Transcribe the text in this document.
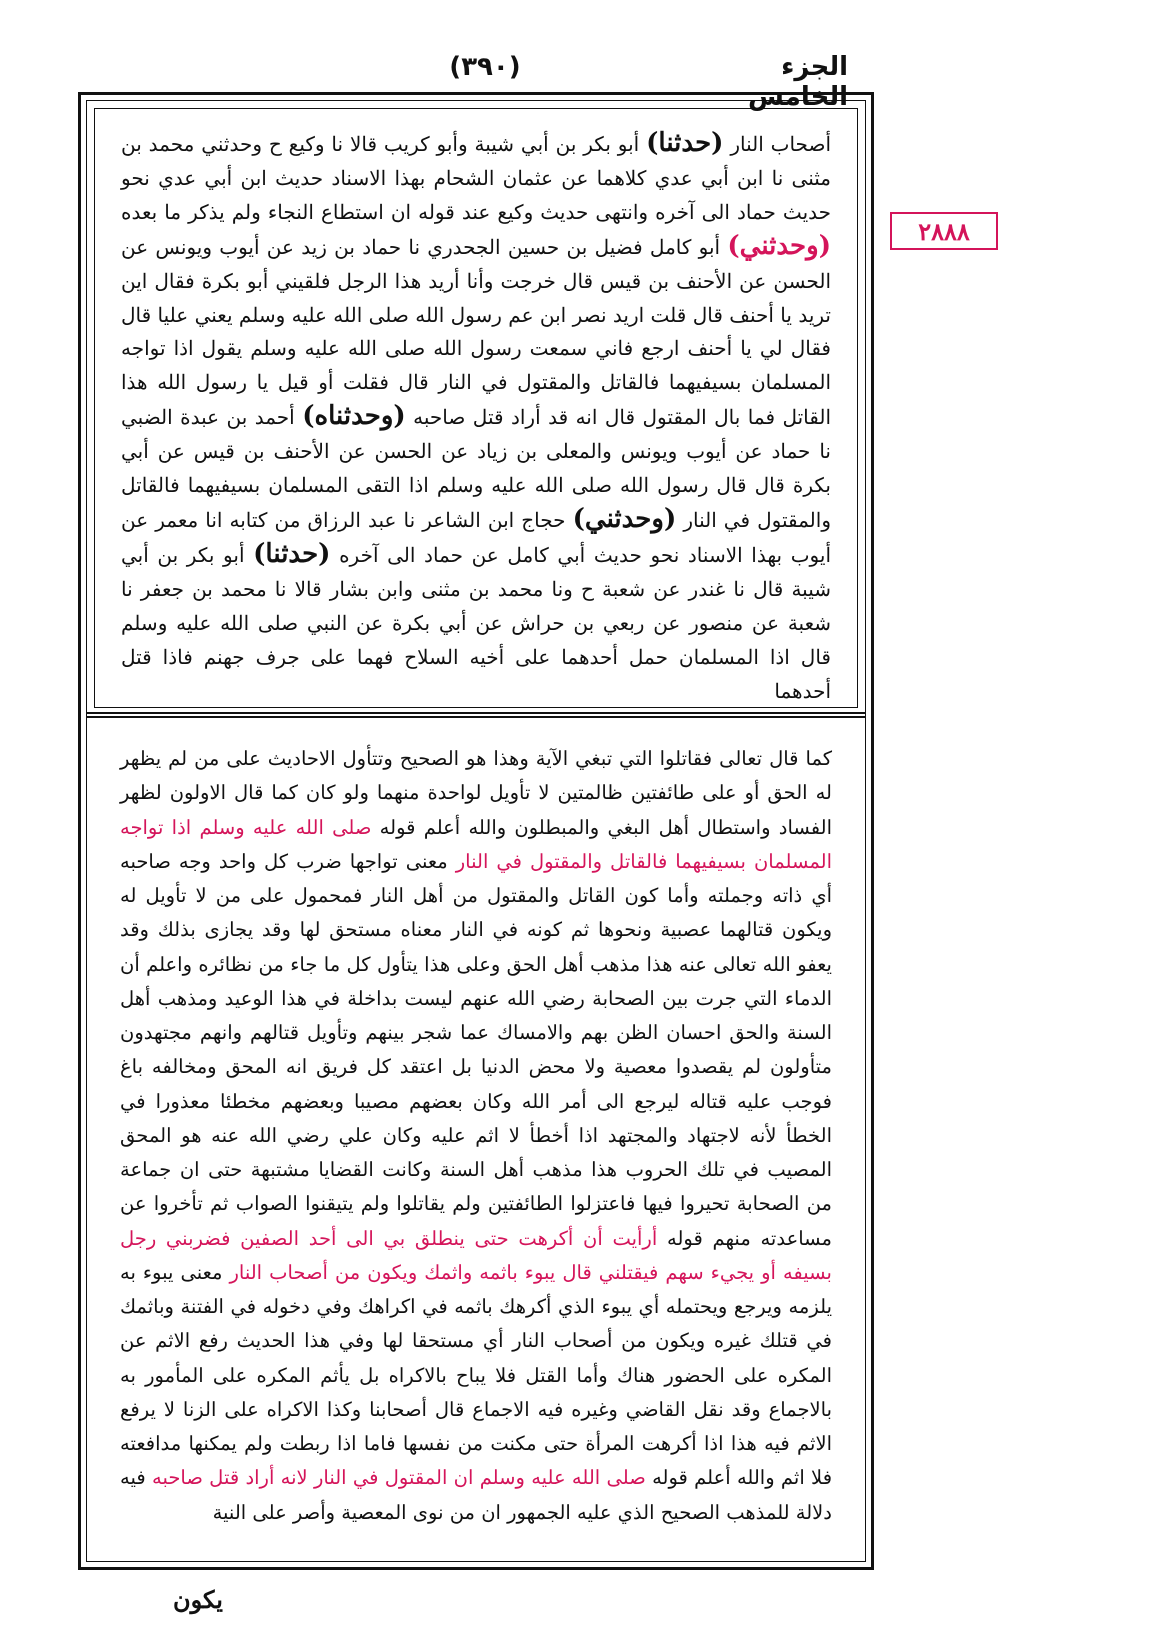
الجزء الخامس
(٣٩٠)

أصحاب النار (حدثنا) أبو بكر بن أبي شيبة وأبو كريب قالا نا وكيع ح وحدثني محمد بن مثنى نا ابن أبي عدي كلاهما عن عثمان الشحام بهذا الاسناد حديث ابن أبي عدي نحو حديث حماد الى آخره وانتهى حديث وكيع عند قوله ان استطاع النجاء ولم يذكر ما بعده (وحدثني) أبو كامل فضيل بن حسين الجحدري نا حماد بن زيد عن أيوب ويونس عن الحسن عن الأحنف بن قيس قال خرجت وأنا أريد هذا الرجل فلقيني أبو بكرة فقال اين تريد يا أحنف قال قلت اريد نصر ابن عم رسول الله صلى الله عليه وسلم يعني عليا قال فقال لي يا أحنف ارجع فاني سمعت رسول الله صلى الله عليه وسلم يقول اذا تواجه المسلمان بسيفيهما فالقاتل والمقتول في النار قال فقلت أو قيل يا رسول الله هذا القاتل فما بال المقتول قال انه قد أراد قتل صاحبه (وحدثناه) أحمد بن عبدة الضبي نا حماد عن أيوب ويونس والمعلى بن زياد عن الحسن عن الأحنف بن قيس عن أبي بكرة قال قال رسول الله صلى الله عليه وسلم اذا التقى المسلمان بسيفيهما فالقاتل والمقتول في النار (وحدثني) حجاج ابن الشاعر نا عبد الرزاق من كتابه انا معمر عن أيوب بهذا الاسناد نحو حديث أبي كامل عن حماد الى آخره (حدثنا) أبو بكر بن أبي شيبة قال نا غندر عن شعبة ح ونا محمد بن مثنى وابن بشار قالا نا محمد بن جعفر نا شعبة عن منصور عن ربعي بن حراش عن أبي بكرة عن النبي صلى الله عليه وسلم قال اذا المسلمان حمل أحدهما على أخيه السلاح فهما على جرف جهنم فاذا قتل أحدهما

٢٨٨٨

كما قال تعالى فقاتلوا التي تبغي الآية وهذا هو الصحيح وتتأول الاحاديث على من لم يظهر له الحق أو على طائفتين ظالمتين لا تأويل لواحدة منهما ولو كان كما قال الاولون لظهر الفساد واستطال أهل البغي والمبطلون والله أعلم قوله صلى الله عليه وسلم اذا تواجه المسلمان بسيفيهما فالقاتل والمقتول في النار معنى تواجها ضرب كل واحد وجه صاحبه أي ذاته وجملته وأما كون القاتل والمقتول من أهل النار فمحمول على من لا تأويل له ويكون قتالهما عصبية ونحوها ثم كونه في النار معناه مستحق لها وقد يجازى بذلك وقد يعفو الله تعالى عنه هذا مذهب أهل الحق وعلى هذا يتأول كل ما جاء من نظائره واعلم أن الدماء التي جرت بين الصحابة رضي الله عنهم ليست بداخلة في هذا الوعيد ومذهب أهل السنة والحق احسان الظن بهم والامساك عما شجر بينهم وتأويل قتالهم وانهم مجتهدون متأولون لم يقصدوا معصية ولا محض الدنيا بل اعتقد كل فريق انه المحق ومخالفه باغ فوجب عليه قتاله ليرجع الى أمر الله وكان بعضهم مصيبا وبعضهم مخطئا معذورا في الخطأ لأنه لاجتهاد والمجتهد اذا أخطأ لا اثم عليه وكان علي رضي الله عنه هو المحق المصيب في تلك الحروب هذا مذهب أهل السنة وكانت القضايا مشتبهة حتى ان جماعة من الصحابة تحيروا فيها فاعتزلوا الطائفتين ولم يقاتلوا ولم يتيقنوا الصواب ثم تأخروا عن مساعدته منهم قوله أرأيت أن أكرهت حتى ينطلق بي الى أحد الصفين فضربني رجل بسيفه أو يجيء سهم فيقتلني قال يبوء باثمه واثمك ويكون من أصحاب النار معنى يبوء به يلزمه ويرجع ويحتمله أي يبوء الذي أكرهك باثمه في اكراهك وفي دخوله في الفتنة وباثمك في قتلك غيره ويكون من أصحاب النار أي مستحقا لها وفي هذا الحديث رفع الاثم عن المكره على الحضور هناك وأما القتل فلا يباح بالاكراه بل يأثم المكره على المأمور به بالاجماع وقد نقل القاضي وغيره فيه الاجماع قال أصحابنا وكذا الاكراه على الزنا لا يرفع الاثم فيه هذا اذا أكرهت المرأة حتى مكنت من نفسها فاما اذا ربطت ولم يمكنها مدافعته فلا اثم والله أعلم قوله صلى الله عليه وسلم ان المقتول في النار لانه أراد قتل صاحبه فيه دلالة للمذهب الصحيح الذي عليه الجمهور ان من نوى المعصية وأصر على النية

يكون
